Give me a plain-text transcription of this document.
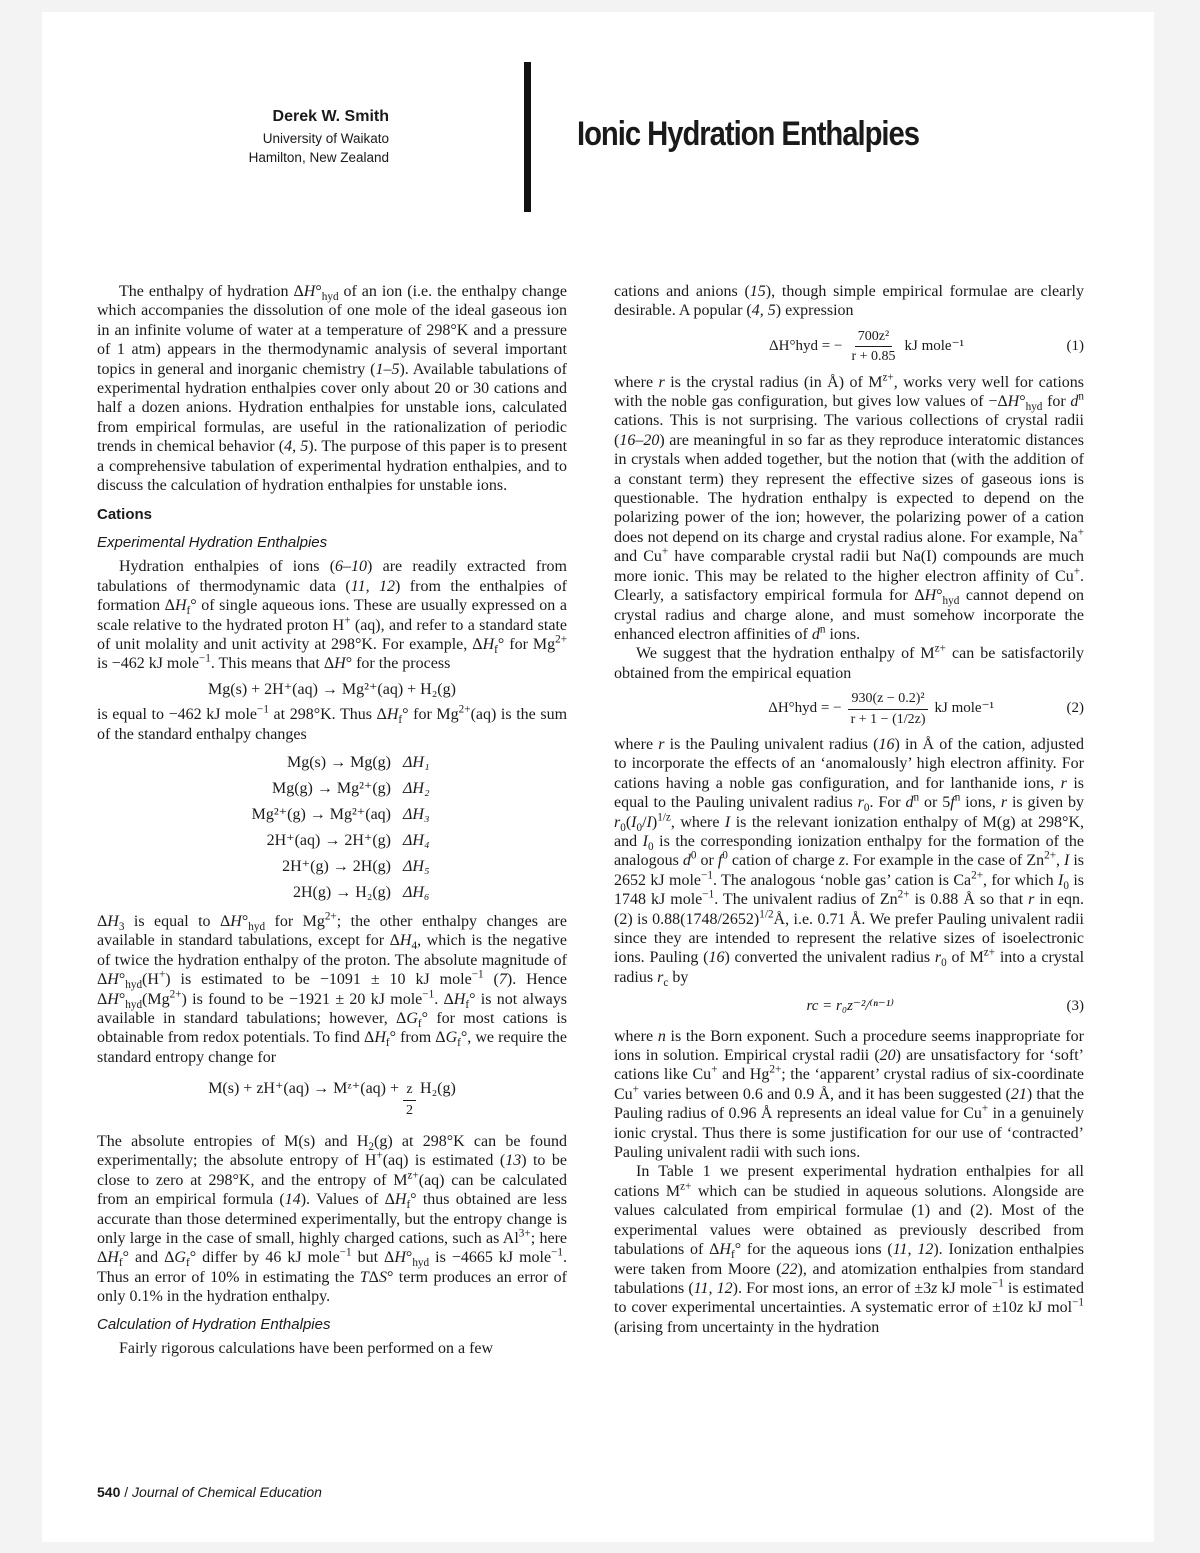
Derek W. Smith
University of Waikato
Hamilton, New Zealand
Ionic Hydration Enthalpies

The enthalpy of hydration $\Delta H^\circ_{hyd}$ of an ion (i.e. the enthalpy change which accompanies the dissolution of one mole of the ideal gaseous ion in an infinite volume of water at a temperature of 298°K and a pressure of 1 atm) appears in the thermodynamic analysis of several important topics in general and inorganic chemistry (1–5). Available tabulations of experimental hydration enthalpies cover only about 20 or 30 cations and half a dozen anions. Hydration enthalpies for unstable ions, calculated from empirical formulas, are useful in the rationalization of periodic trends in chemical behavior (4, 5). The purpose of this paper is to present a comprehensive tabulation of experimental hydration enthalpies, and to discuss the calculation of hydration enthalpies for unstable ions.

Cations
Experimental Hydration Enthalpies

Hydration enthalpies of ions (6–10) are readily extracted from tabulations of thermodynamic data (11, 12) from the enthalpies of formation $\Delta H_f^\circ$ of single aqueous ions. These are usually expressed on a scale relative to the hydrated proton H+ (aq), and refer to a standard state of unit molality and unit activity at 298°K. For example, $\Delta H_f^\circ$ for $Mg^{2+}$ is −462 kJ mole$^{-1}$. This means that ΔH° for the process

Mg(s) + 2H⁺(aq) → Mg²⁺(aq) + H₂(g)

is equal to −462 kJ mole$^{-1}$ at 298°K. Thus $\Delta H_f^\circ$ for $Mg^{2+}(aq)$ is the sum of the standard enthalpy changes

Mg(s) → Mg(g) ΔH₁
Mg(g) → Mg²⁺(g) ΔH₂
Mg²⁺(g) → Mg²⁺(aq) ΔH₃
2H⁺(aq) → 2H⁺(g) ΔH₄
2H⁺(g) → 2H(g) ΔH₅
2H(g) → H₂(g) ΔH₆

$\Delta H_3$ is equal to $\Delta H^\circ_{hyd}$ for $Mg^{2+}$; the other enthalpy changes are available in standard tabulations, except for $\Delta H_4$, which is the negative of twice the hydration enthalpy of the proton. The absolute magnitude of $\Delta H^\circ_{hyd}(H^+)$ is estimated to be −1091 ± 10 kJ mole$^{-1}$ (7). Hence $\Delta H^\circ_{hyd}(Mg^{2+})$ is found to be −1921 ± 20 kJ mole$^{-1}$. $\Delta H_f^\circ$ is not always available in standard tabulations; however, $\Delta G_f^\circ$ for most cations is obtainable from redox potentials. To find $\Delta H_f^\circ$ from $\Delta G_f^\circ$, we require the standard entropy change for

M(s) + zH⁺(aq) → Mᶻ⁺(aq) + $\frac{z}{2} H_2(g)$

The absolute entropies of M(s) and $H_2(g)$ at 298°K can be found experimentally; the absolute entropy of H+(aq) is estimated (13) to be close to zero at 298°K, and the entropy of $M^{z+}(aq)$ can be calculated from an empirical formula (14). Values of $\Delta H_f^\circ$ thus obtained are less accurate than those determined experimentally, but the entropy change is only large in the case of small, highly charged cations, such as $Al^{3+}$; here $\Delta H_f^\circ$ and $\Delta G_f^\circ$ differ by 46 kJ mole$^{-1}$ but $\Delta H^\circ_{hyd}$ is −4665 kJ mole$^{-1}$. Thus an error of 10% in estimating the TΔS° term produces an error of only 0.1% in the hydration enthalpy.

Calculation of Hydration Enthalpies

Fairly rigorous calculations have been performed on a few

cations and anions (15), though simple empirical formulae are clearly desirable. A popular (4, 5) expression

ΔH°hyd = − $\frac{\text{700z²}}{r + 0.85}$ kJ mole⁻¹	(1)

where r is the crystal radius (in Å) of $M^{z+}$, works very well for cations with the noble gas configuration, but gives low values of $-\Delta H^\circ_{hyd}$ for $d^n$ cations. This is not surprising. The various collections of crystal radii (16–20) are meaningful in so far as they reproduce interatomic distances in crystals when added together, but the notion that (with the addition of a constant term) they represent the effective sizes of gaseous ions is questionable. The hydration enthalpy is expected to depend on the polarizing power of the ion; however, the polarizing power of a cation does not depend on its charge and crystal radius alone. For example, Na+ and Cu+ have comparable crystal radii but Na(I) compounds are much more ionic. This may be related to the higher electron affinity of Cu+. Clearly, a satisfactory empirical formula for $\Delta H^\circ_{hyd}$ cannot depend on crystal radius and charge alone, and must somehow incorporate the enhanced electron affinities of $d^n$ ions.

We suggest that the hydration enthalpy of $M^{z+}$ can be satisfactorily obtained from the empirical equation

ΔH°hyd = − $\frac{\text{930(z − 0.2)²}}{r + 1 - (1/2z)}$ kJ mole⁻¹	(2)

where r is the Pauling univalent radius (16) in Å of the cation, adjusted to incorporate the effects of an ‘anomalously’ high electron affinity. For cations having a noble gas configuration, and for lanthanide ions, r is equal to the Pauling univalent radius $r_0$. For $d^n$ or $5f^n$ ions, r is given by $r_0(I_0/I)^{1/z}$, where I is the relevant ionization enthalpy of M(g) at 298°K, and $I_0$ is the corresponding ionization enthalpy for the formation of the analogous $d^0$ or $f^0$ cation of charge z. For example in the case of $Zn^{2+}$, I is 2652 kJ mole$^{-1}$. The analogous ‘noble gas’ cation is $Ca^{2+}$, for which $I_0$ is 1748 kJ mole$^{-1}$. The univalent radius of $Zn^{2+}$ is 0.88 Å so that r in eqn. (2) is $0.88(1748/2652)^{1/2}Å$, i.e. 0.71 Å. We prefer Pauling univalent radii since they are intended to represent the relative sizes of isoelectronic ions. Pauling (16) converted the univalent radius $r_0$ of $M^{z+}$ into a crystal radius $r_c$ by

rc = r₀z⁻²/⁽ⁿ⁻¹⁾	(3)

where n is the Born exponent. Such a procedure seems inappropriate for ions in solution. Empirical crystal radii (20) are unsatisfactory for ‘soft’ cations like Cu+ and $Hg^{2+}$; the ‘apparent’ crystal radius of six-coordinate Cu+ varies between 0.6 and 0.9 Å, and it has been suggested (21) that the Pauling radius of 0.96 Å represents an ideal value for Cu+ in a genuinely ionic crystal. Thus there is some justification for our use of ‘contracted’ Pauling univalent radii with such ions.

In Table 1 we present experimental hydration enthalpies for all cations $M^{z+}$ which can be studied in aqueous solutions. Alongside are values calculated from empirical formulae (1) and (2). Most of the experimental values were obtained as previously described from tabulations of $\Delta H_f^\circ$ for the aqueous ions (11, 12). Ionization enthalpies were taken from Moore (22), and atomization enthalpies from standard tabulations (11, 12). For most ions, an error of ±3z kJ mole$^{-1}$ is estimated to cover experimental uncertainties. A systematic error of ±10z kJ mol$^{-1}$ (arising from uncertainty in the hydration

540 / Journal of Chemical Education
